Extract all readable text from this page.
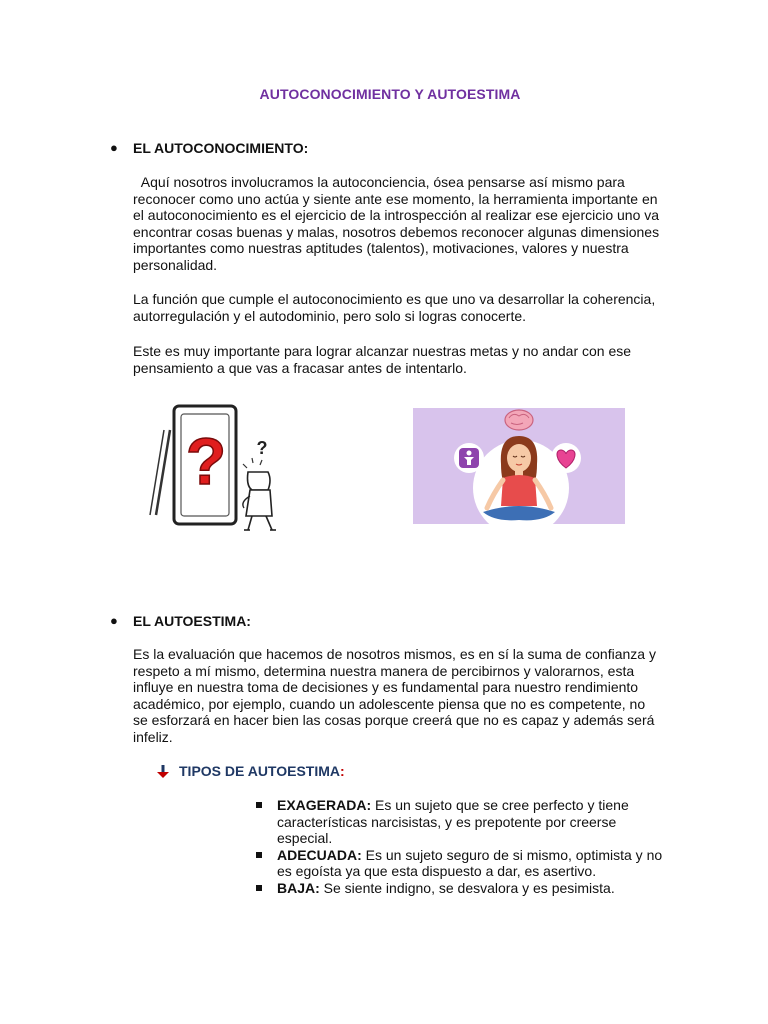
AUTOCONOCIMIENTO Y AUTOESTIMA
● EL AUTOCONOCIMIENTO:
Aquí nosotros involucramos la autoconciencia, ósea pensarse así mismo para reconocer como uno actúa y siente ante ese momento, la herramienta importante en el autoconocimiento es el ejercicio de la introspección al realizar ese ejercicio uno va encontrar cosas buenas y malas, nosotros debemos reconocer algunas dimensiones importantes como nuestras aptitudes (talentos), motivaciones, valores y nuestra personalidad.
La función que cumple el autoconocimiento es que uno va desarrollar la coherencia, autorregulación y el autodominio, pero solo si logras conocerte.
Este es muy importante para lograr alcanzar nuestras metas y no andar con ese pensamiento a que vas a fracasar antes de intentarlo.
? ?
● EL AUTOESTIMA:
Es la evaluación que hacemos de nosotros mismos, es en sí la suma de confianza y respeto a mí mismo, determina nuestra manera de percibirnos y valorarnos, esta influye en nuestra toma de decisiones y es fundamental para nuestro rendimiento académico, por ejemplo, cuando un adolescente piensa que no es competente, no se esforzará en hacer bien las cosas porque creerá que no es capaz y además será infeliz.
TIPOS DE AUTOESTIMA:
EXAGERADA: Es un sujeto que se cree perfecto y tiene características narcisistas, y es prepotente por creerse especial.
ADECUADA: Es un sujeto seguro de si mismo, optimista y no es egoísta ya que esta dispuesto a dar, es asertivo.
BAJA: Se siente indigno, se desvalora y es pesimista.
